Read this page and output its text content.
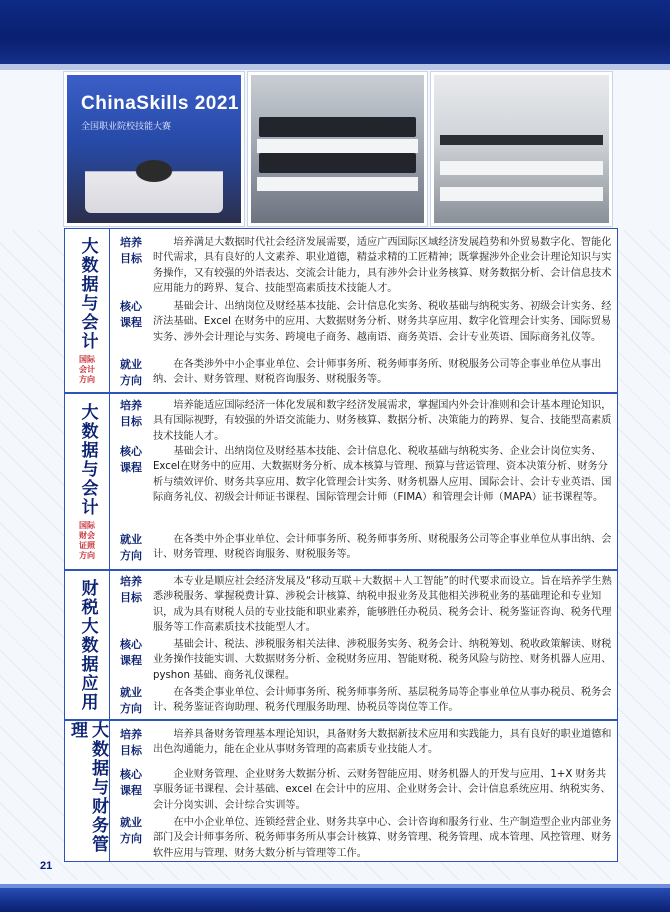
ChinaSkills 2021
全国职业院校技能大赛
大数据与会计
国际会计方向
培养
目标
培养满足大数据时代社会经济发展需要，适应广西国际区域经济发展趋势和外贸易数字化、智能化时代需求，具有良好的人文素养、职业道德，精益求精的工匠精神；既掌握涉外企业会计理论知识与实务操作，又有较强的外语表达、交流会计能力，具有涉外会计业务核算、财务数据分析、会计信息技术应用能力的跨界、复合、技能型高素质技术技能人才。
核心
课程
基础会计、出纳岗位及财经基本技能、会计信息化实务、税收基础与纳税实务、初级会计实务、经济法基础、Excel 在财务中的应用、大数据财务分析、财务共享应用、数字化管理会计实务、国际贸易实务、涉外会计理论与实务、跨境电子商务、越南语、商务英语、会计专业英语、国际商务礼仪等。
就业
方向
在各类涉外中小企事业单位、会计师事务所、税务师事务所、财税服务公司等企事业单位从事出纳、会计、财务管理、财税咨询服务、财税服务等。
大数据与会计
国际财会证照方向
培养
目标
培养能适应国际经济一体化发展和数字经济发展需求，掌握国内外会计准则和会计基本理论知识，具有国际视野，有较强的外语交流能力、财务核算、数据分析、决策能力的跨界、复合、技能型高素质技术技能人才。
核心
课程
基础会计、出纳岗位及财经基本技能、会计信息化、税收基础与纳税实务、企业会计岗位实务、Excel在财务中的应用、大数据财务分析、成本核算与管理、预算与营运管理、资本决策分析、财务分析与绩效评价、财务共享应用、数字化管理会计实务、财务机器人应用、国际会计、会计专业英语、国际商务礼仪、初级会计师证书课程、国际管理会计师（FIMA）和管理会计师（MAPA）证书课程等。
就业
方向
在各类中外企事业单位、会计师事务所、税务师事务所、财税服务公司等企事业单位从事出纳、会计、财务管理、财税咨询服务、财税服务等。
财税大数据应用	培养
目标
本专业是顺应社会经济发展及“移动互联＋大数据＋人工智能”的时代要求而设立。旨在培养学生熟悉涉税服务、掌握税费计算、涉税会计核算、纳税申报业务及其他相关涉税业务的基础理论和专业知识，成为具有财税人员的专业技能和职业素养，能够胜任办税员、税务会计、税务鉴证咨询、税务代理服务等工作高素质技术技能型人才。
核心
课程
基础会计、税法、涉税服务相关法律、涉税服务实务、税务会计、纳税筹划、税收政策解读、财税业务操作技能实训、大数据财务分析、金税财务应用、智能财税、税务风险与防控、财务机器人应用、pyshon 基础、商务礼仪课程。
就业
方向
在各类企事业单位、会计师事务所、税务师事务所、基层税务局等企事业单位从事办税员、税务会计、税务鉴证咨询助理、税务代理服务助理、协税员等岗位等工作。
大数据与财务管理	培养
目标
培养具备财务管理基本理论知识，具备财务大数据新技术应用和实践能力，具有良好的职业道德和出色沟通能力，能在企业从事财务管理的高素质专业技能人才。
核心
课程
企业财务管理、企业财务大数据分析、云财务智能应用、财务机器人的开发与应用、1+X 财务共享服务证书课程、会计基础、excel 在会计中的应用、企业财务会计、会计信息系统应用、纳税实务、会计分岗实训、会计综合实训等。
就业
方向
在中小企业单位、连锁经营企业、财务共享中心、会计咨询和服务行业、生产制造型企业内部业务部门及会计师事务所、税务师事务所从事会计核算、财务管理、税务管理、成本管理、风控管理、财务软件应用与管理、财务大数分析与管理等工作。
21
